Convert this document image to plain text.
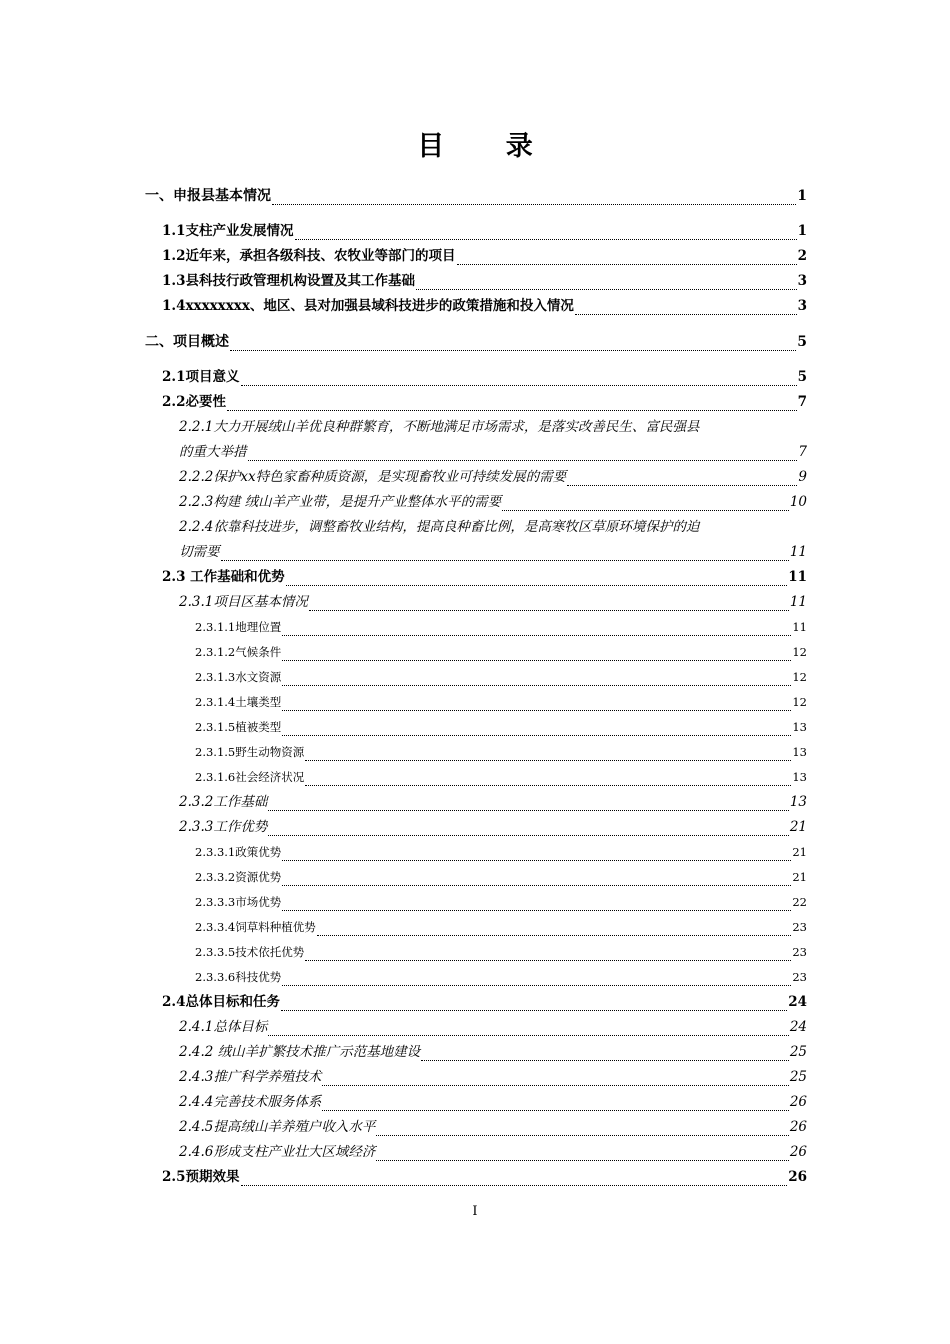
目 录
一、申报县基本情况	1
1.1支柱产业发展情况	1
1.2近年来，承担各级科技、农牧业等部门的项目	2
1.3县科技行政管理机构设置及其工作基础	3
1.4xxxxxxxx、地区、县对加强县域科技进步的政策措施和投入情况	3
二、项目概述	5
2.1项目意义	5
2.2必要性	7
2.2.1大力开展绒山羊优良种群繁育，不断地满足市场需求，是落实改善民生、富民强县
的重大举措	7
2.2.2保护xx特色家畜种质资源，是实现畜牧业可持续发展的需要	9
2.2.3构建 绒山羊产业带，是提升产业整体水平的需要	10
2.2.4依靠科技进步，调整畜牧业结构，提高良种畜比例，是高寒牧区草原环境保护的迫
切需要	11
2.3 工作基础和优势	11
2.3.1项目区基本情况	11
2.3.1.1地理位置	11
2.3.1.2气候条件	12
2.3.1.3水文资源	12
2.3.1.4土壤类型	12
2.3.1.5植被类型	13
2.3.1.5野生动物资源	13
2.3.1.6社会经济状况	13
2.3.2工作基础	13
2.3.3工作优势	21
2.3.3.1政策优势	21
2.3.3.2资源优势	21
2.3.3.3市场优势	22
2.3.3.4饲草料种植优势	23
2.3.3.5技术依托优势	23
2.3.3.6科技优势	23
2.4总体目标和任务	24
2.4.1总体目标	24
2.4.2 绒山羊扩繁技术推广示范基地建设	25
2.4.3推广科学养殖技术	25
2.4.4完善技术服务体系	26
2.4.5提高绒山羊养殖户收入水平	26
2.4.6形成支柱产业壮大区域经济	26
2.5预期效果	26
I
